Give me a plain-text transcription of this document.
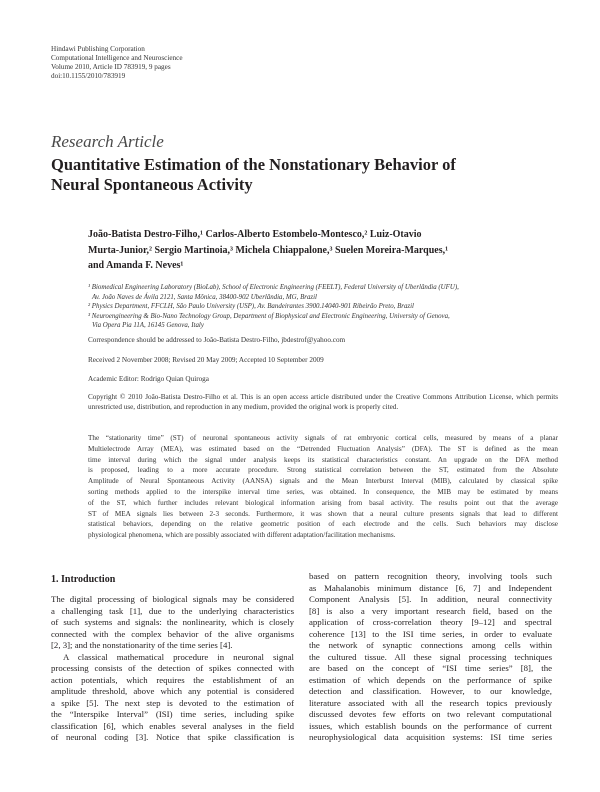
Hindawi Publishing Corporation
Computational Intelligence and Neuroscience
Volume 2010, Article ID 783919, 9 pages
doi:10.1155/2010/783919
Research Article
Quantitative Estimation of the Nonstationary Behavior of
Neural Spontaneous Activity
João-Batista Destro-Filho,¹ Carlos-Alberto Estombelo-Montesco,² Luiz-Otavio
Murta-Junior,² Sergio Martinoia,³ Michela Chiappalone,³ Suelen Moreira-Marques,¹
and Amanda F. Neves¹
¹ Biomedical Engineering Laboratory (BioLab), School of Electronic Engineering (FEELT), Federal University of Uberlândia (UFU),
Av. João Naves de Ávila 2121, Santa Mônica, 38400-902 Uberlândia, MG, Brazil
² Physics Department, FFCLH, São Paulo University (USP), Av. Bandeirantes 3900.14040-901 Ribeirão Preto, Brazil
³ Neuroengineering & Bio-Nano Technology Group, Department of Biophysical and Electronic Engineering, University of Genova,
Via Opera Pia 11A, 16145 Genova, Italy
Correspondence should be addressed to João-Batista Destro-Filho, jbdestrof@yahoo.com
Received 2 November 2008; Revised 20 May 2009; Accepted 10 September 2009
Academic Editor: Rodrigo Quian Quiroga
Copyright © 2010 João-Batista Destro-Filho et al. This is an open access article distributed under the Creative Commons Attribution License, which permits unrestricted use, distribution, and reproduction in any medium, provided the original work is properly cited.
The “stationarity time” (ST) of neuronal spontaneous activity signals of rat embryonic cortical cells, measured by means of a planar
Multielectrode Array (MEA), was estimated based on the “Detrended Fluctuation Analysis” (DFA). The ST is defined as the mean
time interval during which the signal under analysis keeps its statistical characteristics constant. An upgrade on the DFA method
is proposed, leading to a more accurate procedure. Strong statistical correlation between the ST, estimated from the Absolute
Amplitude of Neural Spontaneous Activity (AANSA) signals and the Mean Interburst Interval (MIB), calculated by classical spike
sorting methods applied to the interspike interval time series, was obtained. In consequence, the MIB may be estimated by means
of the ST, which further includes relevant biological information arising from basal activity. The results point out that the average
ST of MEA signals lies between 2-3 seconds. Furthermore, it was shown that a neural culture presents signals that lead to different
statistical behaviors, depending on the relative geometric position of each electrode and the cells. Such behaviors may disclose
physiological phenomena, which are possibly associated with different adaptation/facilitation mechanisms.
1. Introduction
The digital processing of biological signals may be considered
a challenging task [1], due to the underlying characteristics
of such systems and signals: the nonlinearity, which is closely
connected with the complex behavior of the alive organisms
[2, 3]; and the nonstationarity of the time series [4].
A classical mathematical procedure in neuronal signal
processing consists of the detection of spikes connected with
action potentials, which requires the establishment of an
amplitude threshold, above which any potential is considered
a spike [5]. The next step is devoted to the estimation of
the “Interspike Interval” (ISI) time series, including spike
classification [6], which enables several analyses in the field
of neuronal coding [3]. Notice that spike classification is
based on pattern recognition theory, involving tools such
as Mahalanobis minimum distance [6, 7] and Independent
Component Analysis [5]. In addition, neural connectivity
[8] is also a very important research field, based on the
application of cross-correlation theory [9–12] and spectral
coherence [13] to the ISI time series, in order to evaluate
the network of synaptic connections among cells within
the cultured tissue. All these signal processing techniques
are based on the concept of “ISI time series” [8], the
estimation of which depends on the performance of spike
detection and classification. However, to our knowledge,
literature associated with all the research topics previously
discussed devotes few efforts on two relevant computational
issues, which establish bounds on the performance of current
neurophysiological data acquisition systems: ISI time series
